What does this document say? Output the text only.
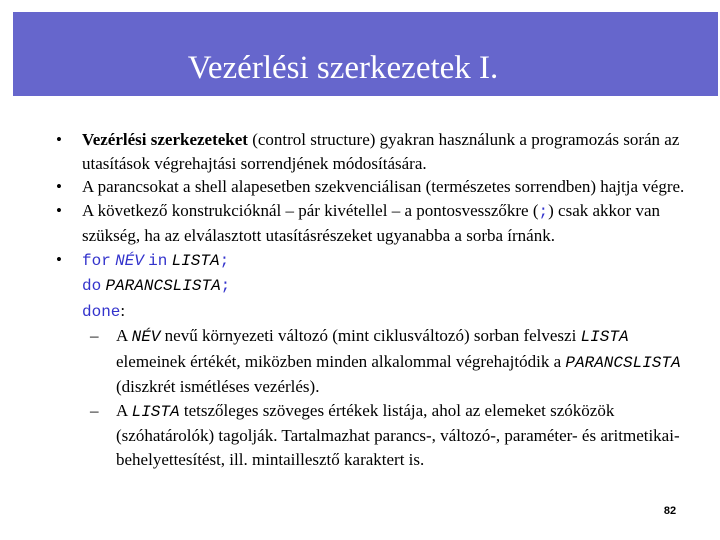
Vezérlési szerkezetek I.
• Vezérlési szerkezeteket (control structure) gyakran használunk a programozás során az utasítások végrehajtási sorrendjének módosítására.
• A parancsokat a shell alapesetben szekvenciálisan (természetes sorrendben) hajtja végre.
• A következő konstrukcióknál – pár kivétellel – a pontosvesszőkre (;) csak akkor van szükség, ha az elválasztott utasításrészeket ugyanabba a sorba írnánk.
• for NÉV in LISTA;
do PARANCSLISTA;
done:
– A NÉV nevű környezeti változó (mint ciklusváltozó) sorban felveszi LISTA elemeinek értékét, miközben minden alkalommal végrehajtódik a PARANCSLISTA (diszkrét ismétléses vezérlés).
– A LISTA tetszőleges szöveges értékek listája, ahol az elemeket szóközök (szóhatárolók) tagolják. Tartalmazhat parancs-, változó-, paraméter- és aritmetikai-behelyettesítést, ill. mintaillesztő karaktert is.
82
